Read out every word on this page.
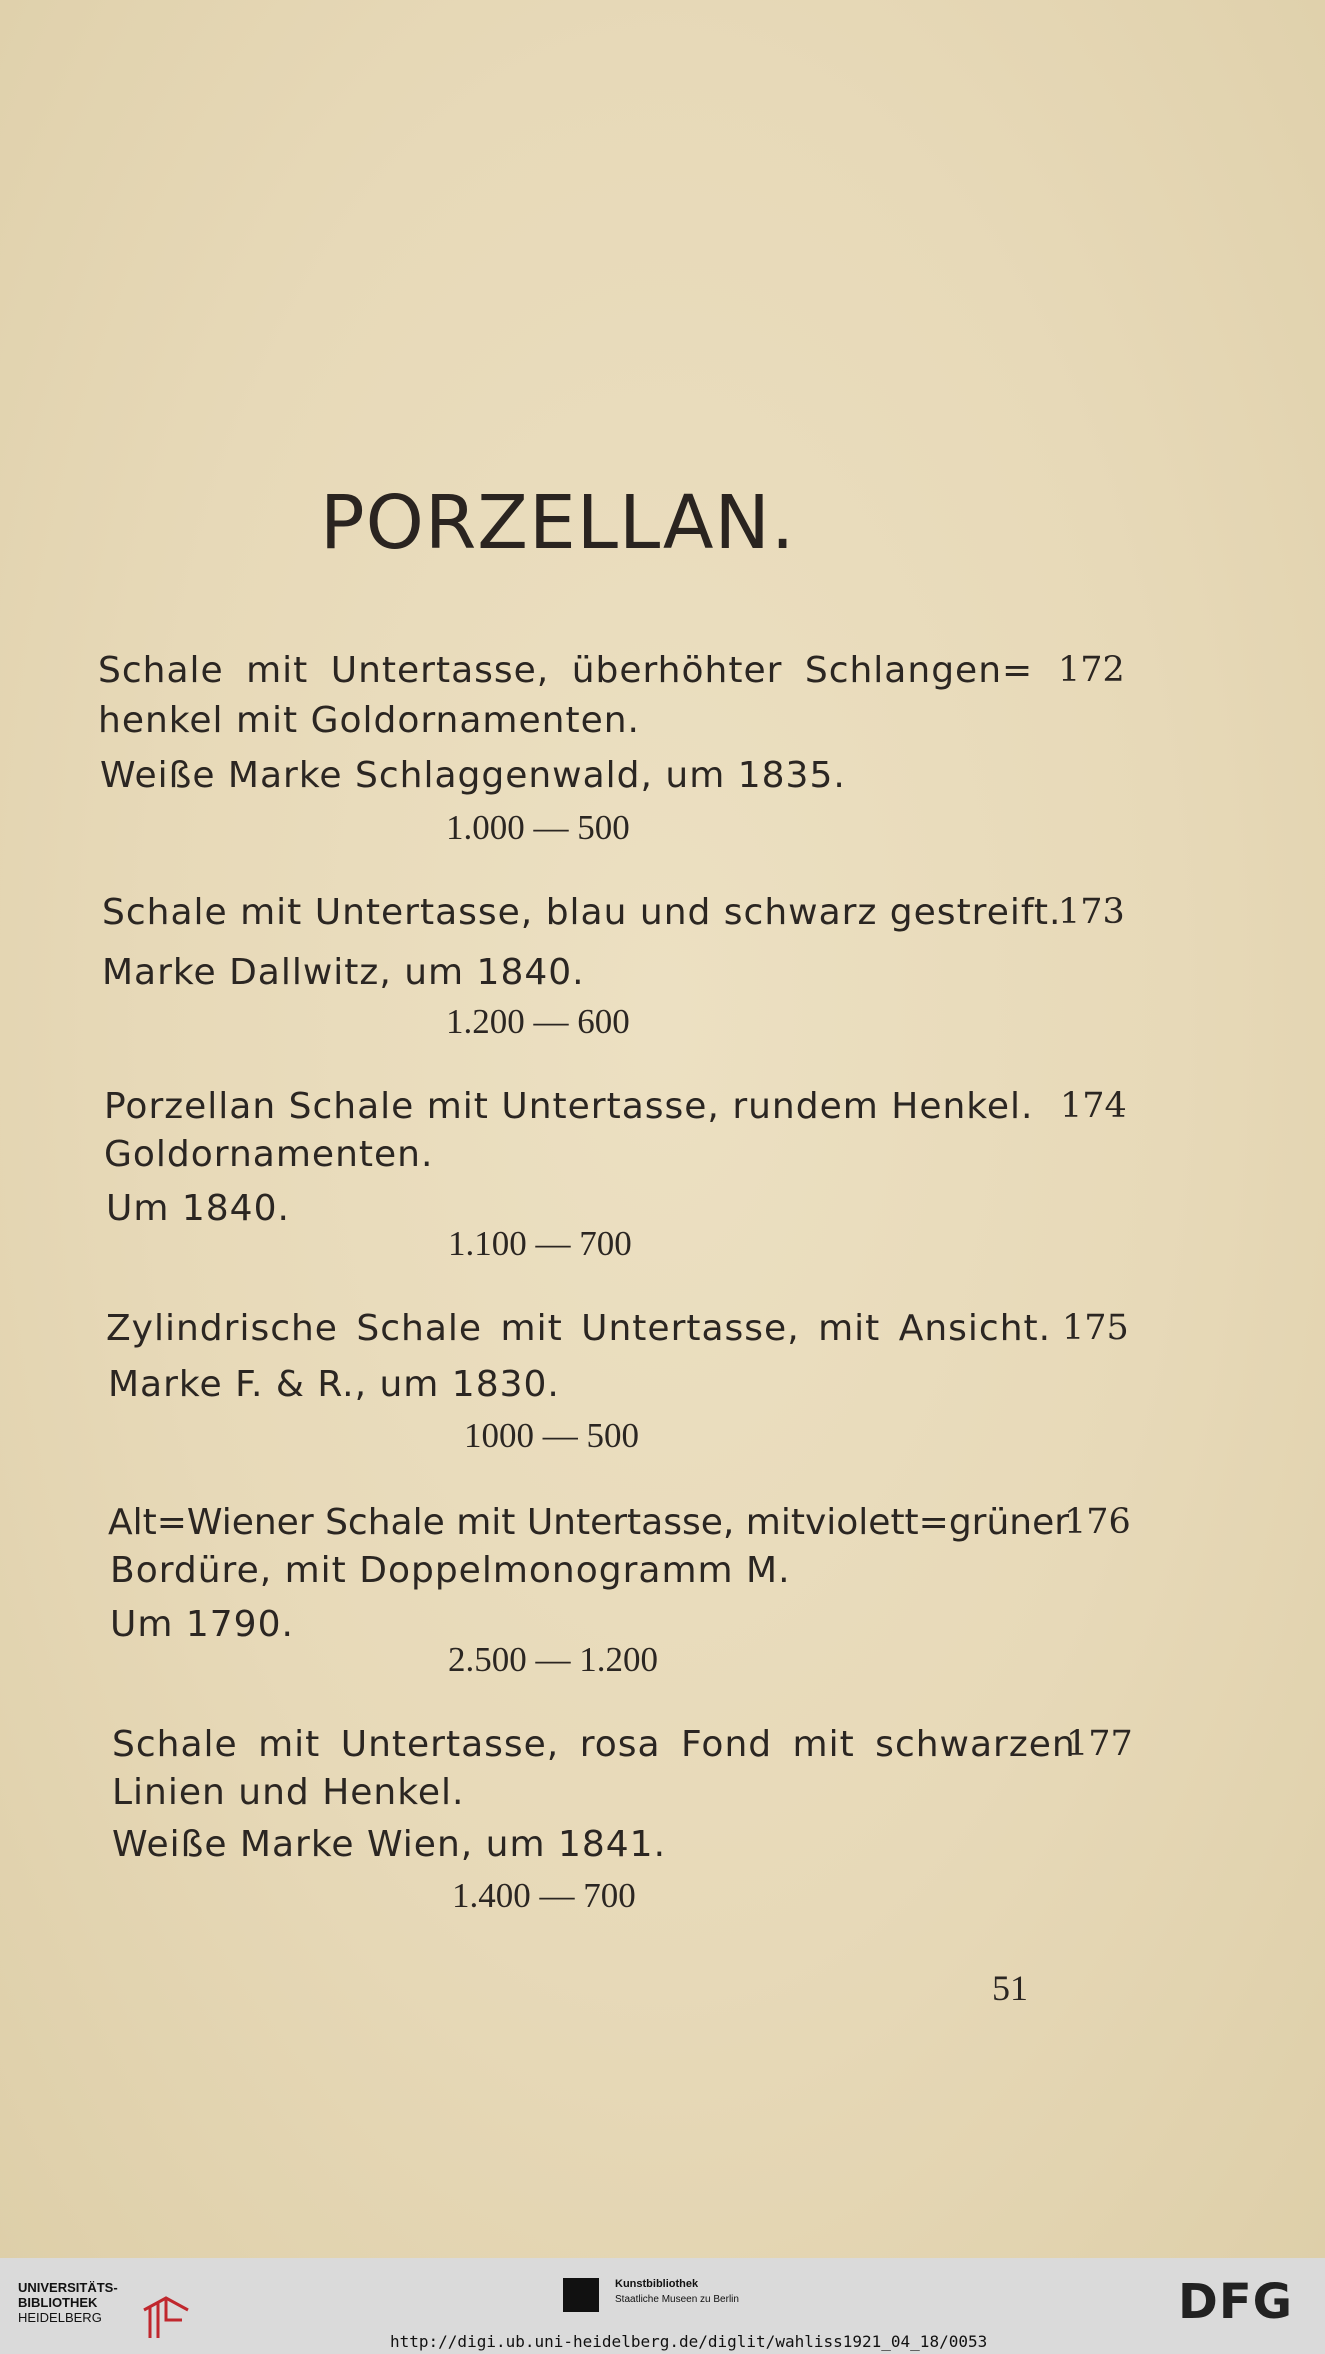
PORZELLAN.
Schale mit Untertasse, überhöhter Schlangen= 172
henkel mit Goldornamenten.
Weiße Marke Schlaggenwald, um 1835.
1.000 — 500
Schale mit Untertasse, blau und schwarz gestreift.
173
Marke Dallwitz, um 1840.
1.200 — 600
Porzellan Schale mit Untertasse, rundem Henkel. 174
Goldornamenten.
Um 1840.
1.100 — 700
Zylindrische Schale mit Untertasse, mit Ansicht. 175
Marke F. & R., um 1830.
1000 — 500
Alt=Wiener Schale mit Untertasse, mitviolett=grüner
176
Bordüre, mit Doppelmonogramm M.
Um 1790.
2.500 — 1.200
Schale mit Untertasse, rosa Fond mit schwarzen
177
Linien und Henkel.
Weiße Marke Wien, um 1841.
1.400 — 700
51
UNIVERSITÄTS-
BIBLIOTHEK
HEIDELBERG
Kunstbibliothek
Staatliche Museen zu Berlin	DFG
http://digi.ub.uni-heidelberg.de/diglit/wahliss1921_04_18/0053
